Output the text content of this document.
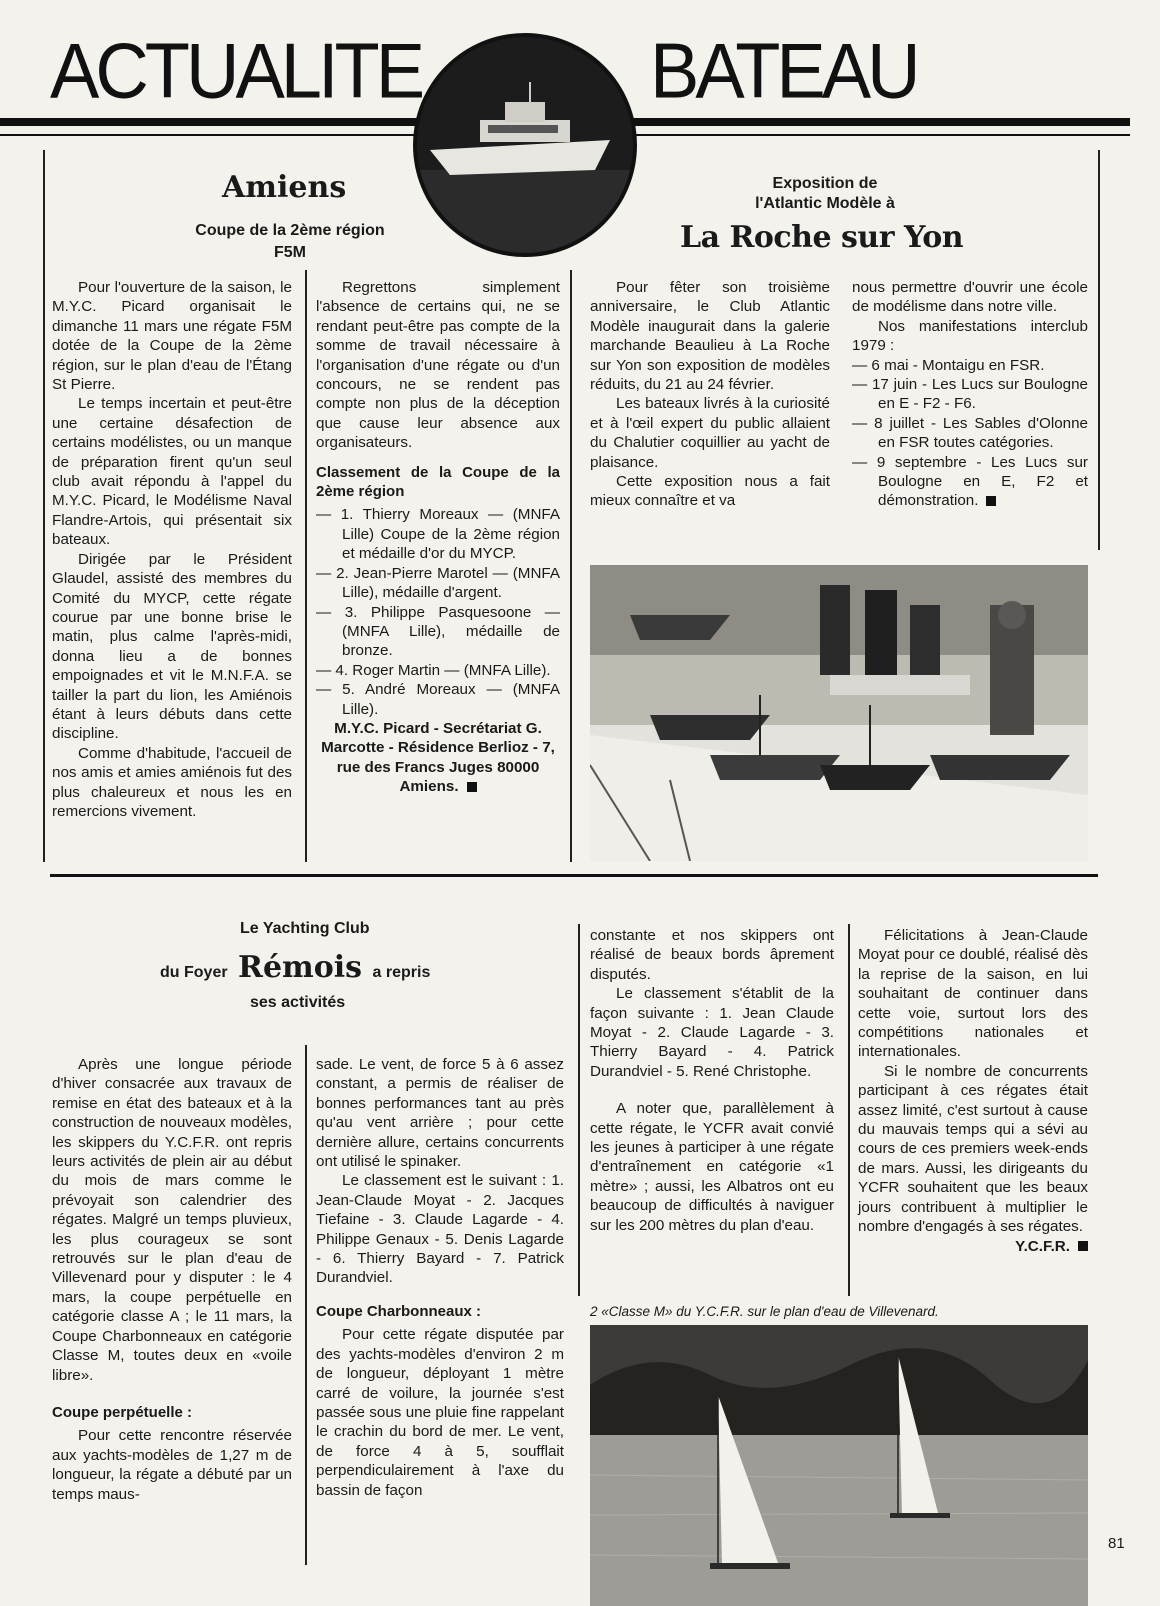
ACTUALITE	BATEAU
Amiens
Coupe de la 2ème région F5M

Pour l'ouverture de la saison, le M.Y.C. Picard organisait le dimanche 11 mars une régate F5M dotée de la Coupe de la 2ème région, sur le plan d'eau de l'Étang St Pierre.

Le temps incertain et peut-être une certaine désafection de certains modélistes, ou un manque de préparation firent qu'un seul club avait répondu à l'appel du M.Y.C. Picard, le Modélisme Naval Flandre-Artois, qui présentait six bateaux.

Dirigée par le Président Glaudel, assisté des membres du Comité du MYCP, cette régate courue par une bonne brise le matin, plus calme l'après-midi, donna lieu a de bonnes empoignades et vit le M.N.F.A. se tailler la part du lion, les Amiénois étant à leurs débuts dans cette discipline.

Comme d'habitude, l'accueil de nos amis et amies amiénois fut des plus chaleureux et nous les en remercions vivement.

Regrettons simplement l'absence de certains qui, ne se rendant peut-être pas compte de la somme de travail nécessaire à l'organisation d'une régate ou d'un concours, ne se rendent pas compte non plus de la déception que cause leur absence aux organisateurs.

Classement de la Coupe de la 2ème région
— 1. Thierry Moreaux — (MNFA Lille) Coupe de la 2ème région et médaille d'or du MYCP.
— 2. Jean-Pierre Marotel — (MNFA Lille), médaille d'argent.
— 3. Philippe Pasquesoone — (MNFA Lille), médaille de bronze.
— 4. Roger Martin — (MNFA Lille).
— 5. André Moreaux — (MNFA Lille).

M.Y.C. Picard - Secrétariat G. Marcotte - Résidence Berlioz - 7, rue des Francs Juges 80000 Amiens.

Exposition de l'Atlantic Modèle à
La Roche sur Yon

Pour fêter son troisième anniversaire, le Club Atlantic Modèle inaugurait dans la galerie marchande Beaulieu à La Roche sur Yon son exposition de modèles réduits, du 21 au 24 février.

Les bateaux livrés à la curiosité et à l'œil expert du public allaient du Chalutier coquillier au yacht de plaisance.

Cette exposition nous a fait mieux connaître et va

nous permettre d'ouvrir une école de modélisme dans notre ville.

Nos manifestations interclub 1979 :

— 6 mai - Montaigu en FSR.
— 17 juin - Les Lucs sur Boulogne en E - F2 - F6.
— 8 juillet - Les Sables d'Olonne en FSR toutes catégories.
— 9 septembre - Les Lucs sur Boulogne en E, F2 et démonstration.
Le Yachting Club
du Foyer Rémois a repris
ses activités

Après une longue période d'hiver consacrée aux travaux de remise en état des bateaux et à la construction de nouveaux modèles, les skippers du Y.C.F.R. ont repris leurs activités de plein air au début du mois de mars comme le prévoyait son calendrier des régates. Malgré un temps pluvieux, les plus courageux se sont retrouvés sur le plan d'eau de Villevenard pour y disputer : le 4 mars, la coupe perpétuelle en catégorie classe A ; le 11 mars, la Coupe Charbonneaux en catégorie Classe M, toutes deux en «voile libre».

Coupe perpétuelle :

Pour cette rencontre réservée aux yachts-modèles de 1,27 m de longueur, la régate a débuté par un temps maus-

sade. Le vent, de force 5 à 6 assez constant, a permis de réaliser de bonnes performances tant au près qu'au vent arrière ; pour cette dernière allure, certains concurrents ont utilisé le spinaker.

Le classement est le suivant : 1. Jean-Claude Moyat - 2. Jacques Tiefaine - 3. Claude Lagarde - 4. Philippe Genaux - 5. Denis Lagarde - 6. Thierry Bayard - 7. Patrick Durandviel.

Coupe Charbonneaux :

Pour cette régate disputée par des yachts-modèles d'environ 2 m de longueur, déployant 1 mètre carré de voilure, la journée s'est passée sous une pluie fine rappelant le crachin du bord de mer. Le vent, de force 4 à 5, soufflait perpendiculairement à l'axe du bassin de façon

constante et nos skippers ont réalisé de beaux bords âprement disputés.

Le classement s'établit de la façon suivante : 1. Jean Claude Moyat - 2. Claude Lagarde - 3. Thierry Bayard - 4. Patrick Durandviel - 5. René Christophe.

A noter que, parallèlement à cette régate, le YCFR avait convié les jeunes à participer à une régate d'entraînement en catégorie «1 mètre» ; aussi, les Albatros ont eu beaucoup de difficultés à naviguer sur les 200 mètres du plan d'eau.

Félicitations à Jean-Claude Moyat pour ce doublé, réalisé dès la reprise de la saison, en lui souhaitant de continuer dans cette voie, surtout lors des compétitions nationales et internationales.

Si le nombre de concurrents participant à ces régates était assez limité, c'est surtout à cause du mauvais temps qui a sévi au cours de ces premiers week-ends de mars. Aussi, les dirigeants du YCFR souhaitent que les beaux jours contribuent à multiplier le nombre d'engagés à ses régates.

Y.C.F.R.

2 «Classe M» du Y.C.F.R. sur le plan d'eau de Villevenard.
81
